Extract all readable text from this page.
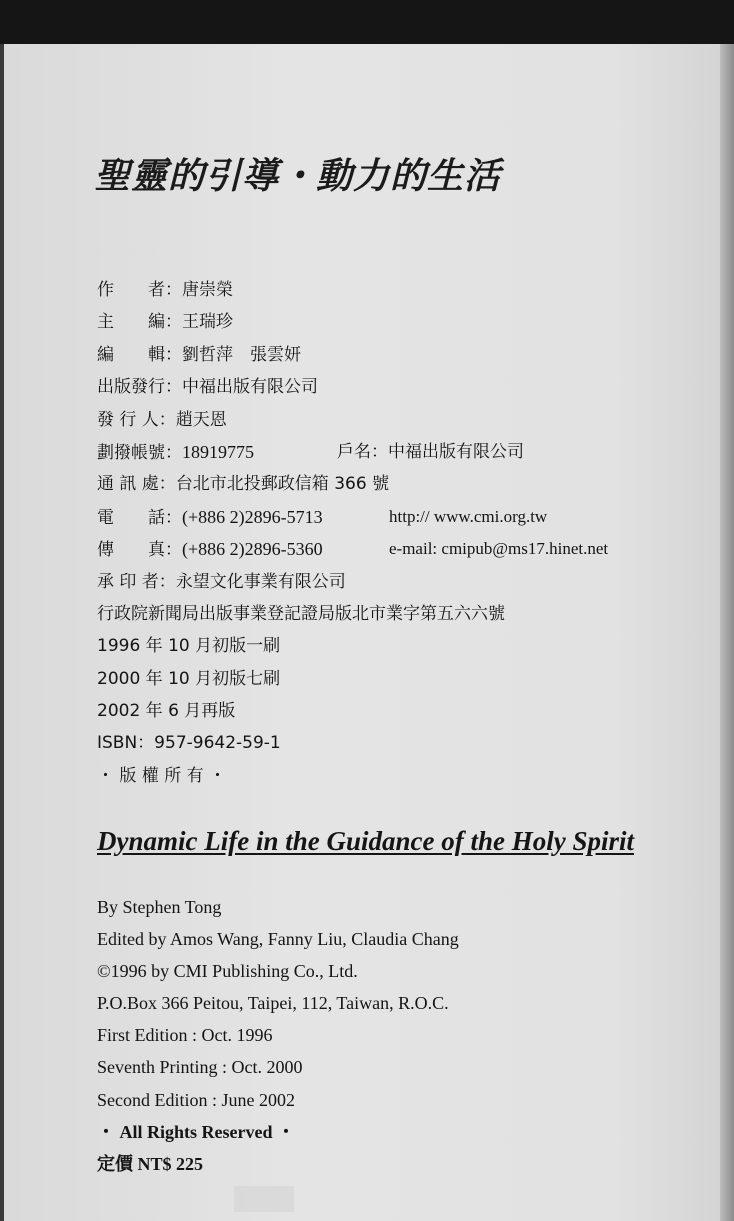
聖靈的引導・動力的生活
作　　者：唐崇榮
主　　編：王瑞珍
編　　輯：劉哲萍　張雲妍
出版發行：中福出版有限公司
發 行 人：趙天恩
劃撥帳號：18919775	戶名：中福出版有限公司
通 訊 處：台北市北投郵政信箱 366 號
電　　話：(+886 2)2896-5713	http:// www.cmi.org.tw
傳　　真：(+886 2)2896-5360	e-mail: cmipub@ms17.hinet.net
承 印 者：永望文化事業有限公司
行政院新聞局出版事業登記證局版北市業字第五六六號
1996 年 10 月初版一刷
2000 年 10 月初版七刷
2002 年 6 月再版
ISBN：957-9642-59-1
・ 版 權 所 有 ・
Dynamic Life in the Guidance of the Holy Spirit
By Stephen Tong
Edited by Amos Wang, Fanny Liu, Claudia Chang
©1996 by CMI Publishing Co., Ltd.
P.O.Box 366 Peitou, Taipei, 112, Taiwan, R.O.C.
First Edition : Oct. 1996
Seventh Printing : Oct. 2000
Second Edition : June 2002
・ All Rights Reserved ・
定價 NT$ 225
